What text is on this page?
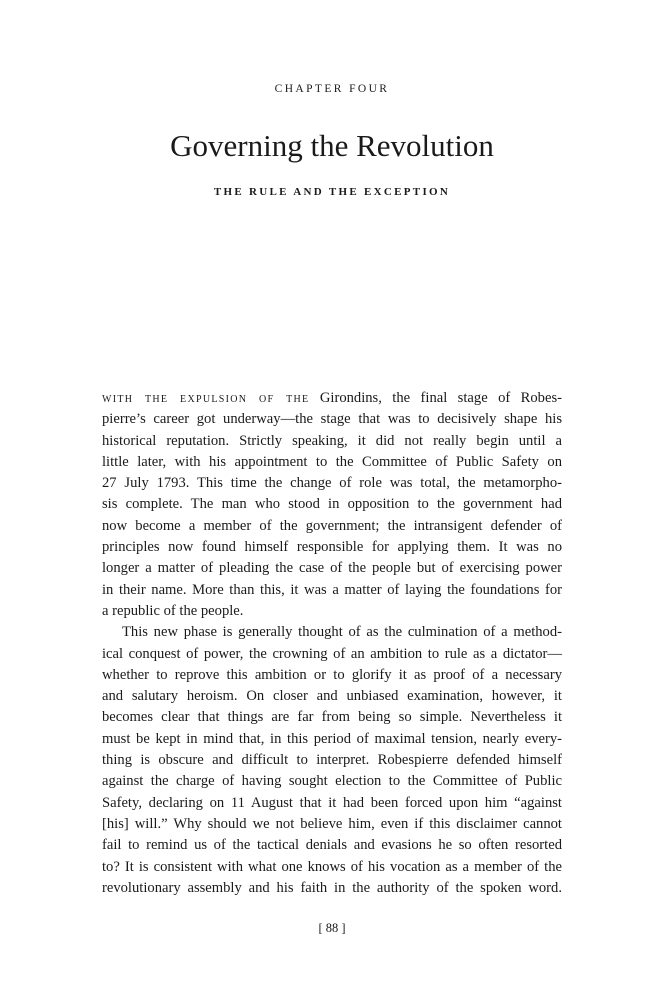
CHAPTER FOUR
Governing the Revolution
THE RULE AND THE EXCEPTION
with the expulsion of the Girondins, the final stage of Robes-
pierre’s career got underway—the stage that was to decisively shape his
historical reputation. Strictly speaking, it did not really begin until a
little later, with his appointment to the Committee of Public Safety on
27 July 1793. This time the change of role was total, the metamorpho-
sis complete. The man who stood in opposition to the government had
now become a member of the government; the intransigent defender of
principles now found himself responsible for applying them. It was no
longer a matter of pleading the case of the people but of exercising power
in their name. More than this, it was a matter of laying the foundations for
a republic of the people.
This new phase is generally thought of as the culmination of a method-
ical conquest of power, the crowning of an ambition to rule as a dictator—
whether to reprove this ambition or to glorify it as proof of a necessary
and salutary heroism. On closer and unbiased examination, however, it
becomes clear that things are far from being so simple. Nevertheless it
must be kept in mind that, in this period of maximal tension, nearly every-
thing is obscure and difficult to interpret. Robespierre defended himself
against the charge of having sought election to the Committee of Public
Safety, declaring on 11 August that it had been forced upon him “against
[his] will.” Why should we not believe him, even if this disclaimer cannot
fail to remind us of the tactical denials and evasions he so often resorted
to? It is consistent with what one knows of his vocation as a member of the
revolutionary assembly and his faith in the authority of the spoken word.
[ 88 ]
